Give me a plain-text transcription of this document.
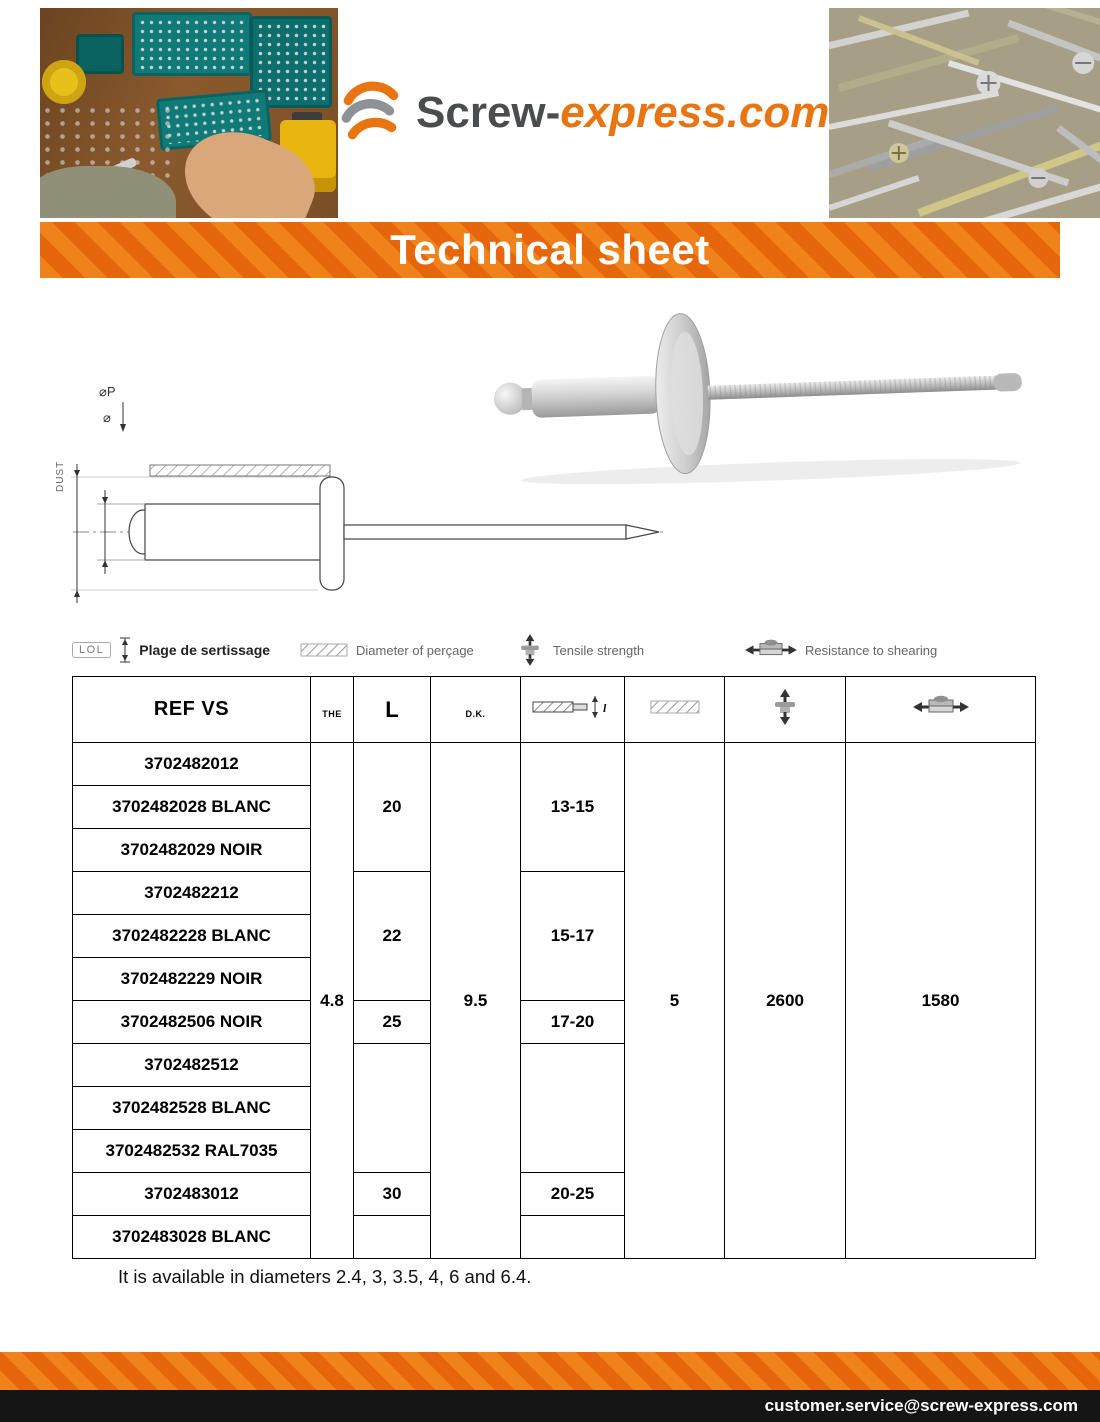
Screw-express.com
Technical sheet
⌀P
⌀
DUST
LOL	Plage de sertissage	Diameter of perçage	Tensile strength	Resistance to shearing
REF VS	THE	L	D.K.	l

3702482012	4.8	20	9.5	13-15	5	2600	1580
3702482028 BLANC							
3702482029 NOIR							
3702482212		22		15-17			
3702482228 BLANC							
3702482229 NOIR							
3702482506 NOIR		25		17-20			
3702482512							
3702482528 BLANC							
3702482532 RAL7035							
3702483012		30		20-25			
3702483028 BLANC							
It is available in diameters 2.4, 3, 3.5, 4, 6 and 6.4.
customer.service@screw-express.com
